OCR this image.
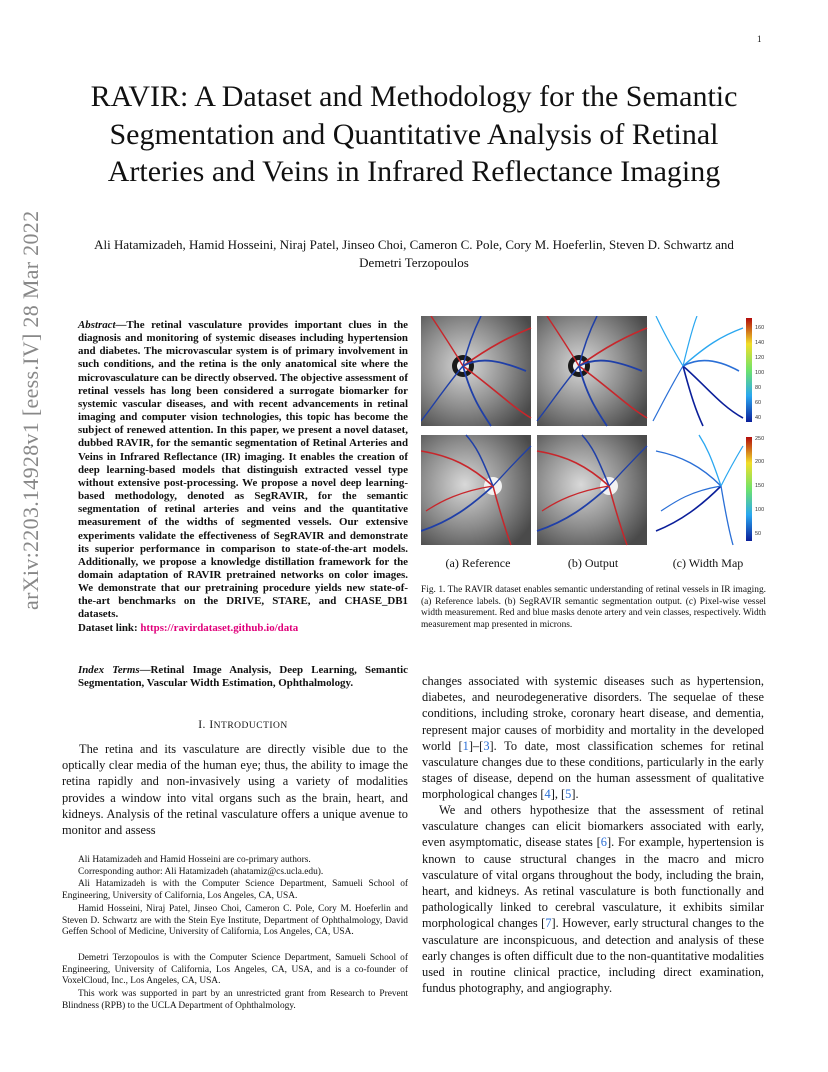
1
arXiv:2203.14928v1 [eess.IV] 28 Mar 2022
RAVIR: A Dataset and Methodology for the Semantic Segmentation and Quantitative Analysis of Retinal Arteries and Veins in Infrared Reflectance Imaging
Ali Hatamizadeh, Hamid Hosseini, Niraj Patel, Jinseo Choi, Cameron C. Pole, Cory M. Hoeferlin, Steven D. Schwartz and Demetri Terzopoulos
Abstract—The retinal vasculature provides important clues in the diagnosis and monitoring of systemic diseases including hypertension and diabetes. The microvascular system is of primary involvement in such conditions, and the retina is the only anatomical site where the microvasculature can be directly observed. The objective assessment of retinal vessels has long been considered a surrogate biomarker for systemic vascular diseases, and with recent advancements in retinal imaging and computer vision technologies, this topic has become the subject of renewed attention. In this paper, we present a novel dataset, dubbed RAVIR, for the semantic segmentation of Retinal Arteries and Veins in Infrared Reflectance (IR) imaging. It enables the creation of deep learning-based models that distinguish extracted vessel type without extensive post-processing. We propose a novel deep learning-based methodology, denoted as SegRAVIR, for the semantic segmentation of retinal arteries and veins and the quantitative measurement of the widths of segmented vessels. Our extensive experiments validate the effectiveness of SegRAVIR and demonstrate its superior performance in comparison to state-of-the-art models. Additionally, we propose a knowledge distillation framework for the domain adaptation of RAVIR pretrained networks on color images. We demonstrate that our pretraining procedure yields new state-of-the-art benchmarks on the DRIVE, STARE, and CHASE_DB1 datasets.
Dataset link: https://ravirdataset.github.io/data
Index Terms—Retinal Image Analysis, Deep Learning, Semantic Segmentation, Vascular Width Estimation, Ophthalmology.
I. INTRODUCTION
The retina and its vasculature are directly visible due to the optically clear media of the human eye; thus, the ability to image the retina rapidly and non-invasively using a variety of modalities provides a window into vital organs such as the brain, heart, and kidneys. Analysis of the retinal vasculature offers a unique avenue to monitor and assess
Ali Hatamizadeh and Hamid Hosseini are co-primary authors.
Corresponding author: Ali Hatamizadeh (ahatamiz@cs.ucla.edu).
Ali Hatamizadeh is with the Computer Science Department, Samueli School of Engineering, University of California, Los Angeles, CA, USA.
Hamid Hosseini, Niraj Patel, Jinseo Choi, Cameron C. Pole, Cory M. Hoeferlin and Steven D. Schwartz are with the Stein Eye Institute, Department of Ophthalmology, David Geffen School of Medicine, University of California, Los Angeles, CA, USA.
Demetri Terzopoulos is with the Computer Science Department, Samueli School of Engineering, University of California, Los Angeles, CA, USA, and is a co-founder of VoxelCloud, Inc., Los Angeles, CA, USA.
This work was supported in part by an unrestricted grant from Research to Prevent Blindness (RPB) to the UCLA Department of Ophthalmology.
160
140
120
100
80
60
40
250
200
150
100
50
(a) Reference	(b) Output	(c) Width Map
Fig. 1. The RAVIR dataset enables semantic understanding of retinal vessels in IR imaging. (a) Reference labels. (b) SegRAVIR semantic segmentation output. (c) Pixel-wise vessel width measurement. Red and blue masks denote artery and vein classes, respectively. Width measurement map presented in microns.
changes associated with systemic diseases such as hypertension, diabetes, and neurodegenerative disorders. The sequelae of these conditions, including stroke, coronary heart disease, and dementia, represent major causes of morbidity and mortality in the developed world [1]–[3]. To date, most classification schemes for retinal vasculature changes due to these conditions, particularly in the early stages of disease, depend on the human assessment of qualitative morphological changes [4], [5].
We and others hypothesize that the assessment of retinal vasculature changes can elicit biomarkers associated with early, even asymptomatic, disease states [6]. For example, hypertension is known to cause structural changes in the macro and micro vasculature of vital organs throughout the body, including the brain, heart, and kidneys. As retinal vasculature is both functionally and pathologically linked to cerebral vasculature, it exhibits similar morphological changes [7]. However, early structural changes to the vasculature are inconspicuous, and detection and analysis of these early changes is often difficult due to the non-quantitative modalities used in routine clinical practice, including direct examination, fundus photography, and angiography.
